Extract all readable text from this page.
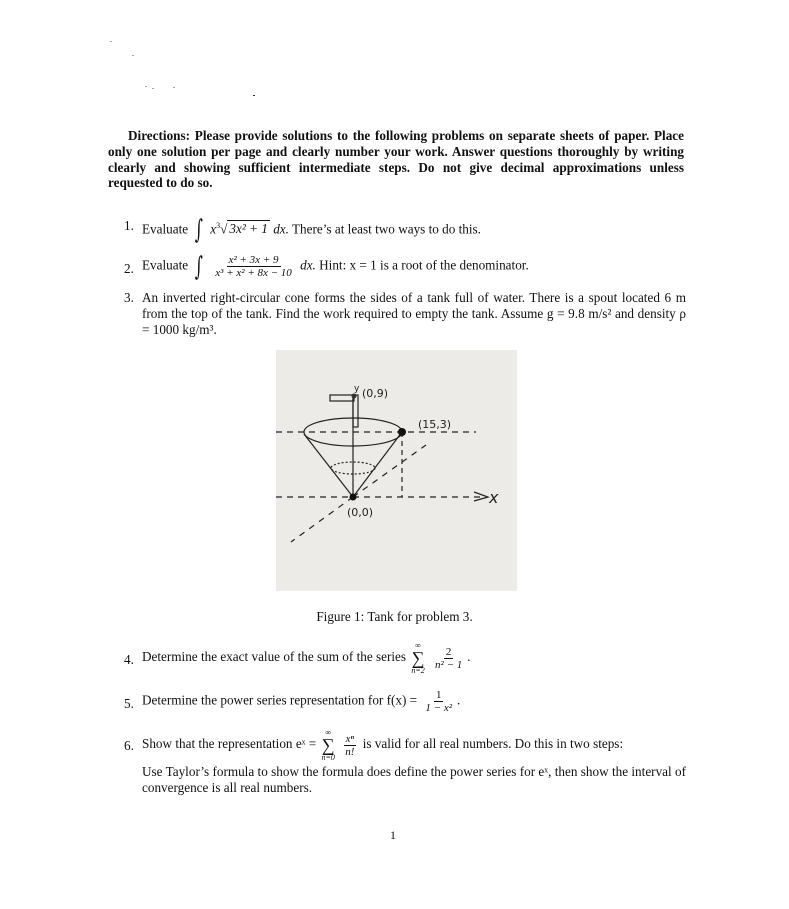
Directions: Please provide solutions to the following problems on separate sheets of paper. Place only one solution per page and clearly number your work. Answer questions thoroughly by writing clearly and showing sufficient intermediate steps. Do not give decimal approximations unless requested to do so.
1. Evaluate ∫ $x^3√$ 3x² + 1 dx. There’s at least two ways to do this.
2. Evaluate ∫ $\frac{\text{x² + 3x + 9}}{\text{x³ + x² + 8x − 10}}$ dx. Hint: x = 1 is a root of the denominator.
3. An inverted right-circular cone forms the sides of a tank full of water. There is a spout located 6 m from the top of the tank. Find the work required to empty the tank. Assume g = 9.8 m/s² and density ρ = 1000 kg/m³.
y (0,9)
(15,3)
(0,0)
x
Figure 1: Tank for problem 3.
4. Determine the exact value of the sum of the series
∞
∑
n=2
$\frac{2}{\text{n² − 1}}$ .
5. Determine the power series representation for $f(x) = \frac{1}{\text{1 − x²}}$ .
6. Show that the representation eˣ =
∞
∑
n=0
$\frac{\text{xⁿ}}{n!}$ is valid for all real numbers. Do this in two steps:
Use Taylor’s formula to show the formula does define the power series for eˣ, then show the interval of convergence is all real numbers.
1
